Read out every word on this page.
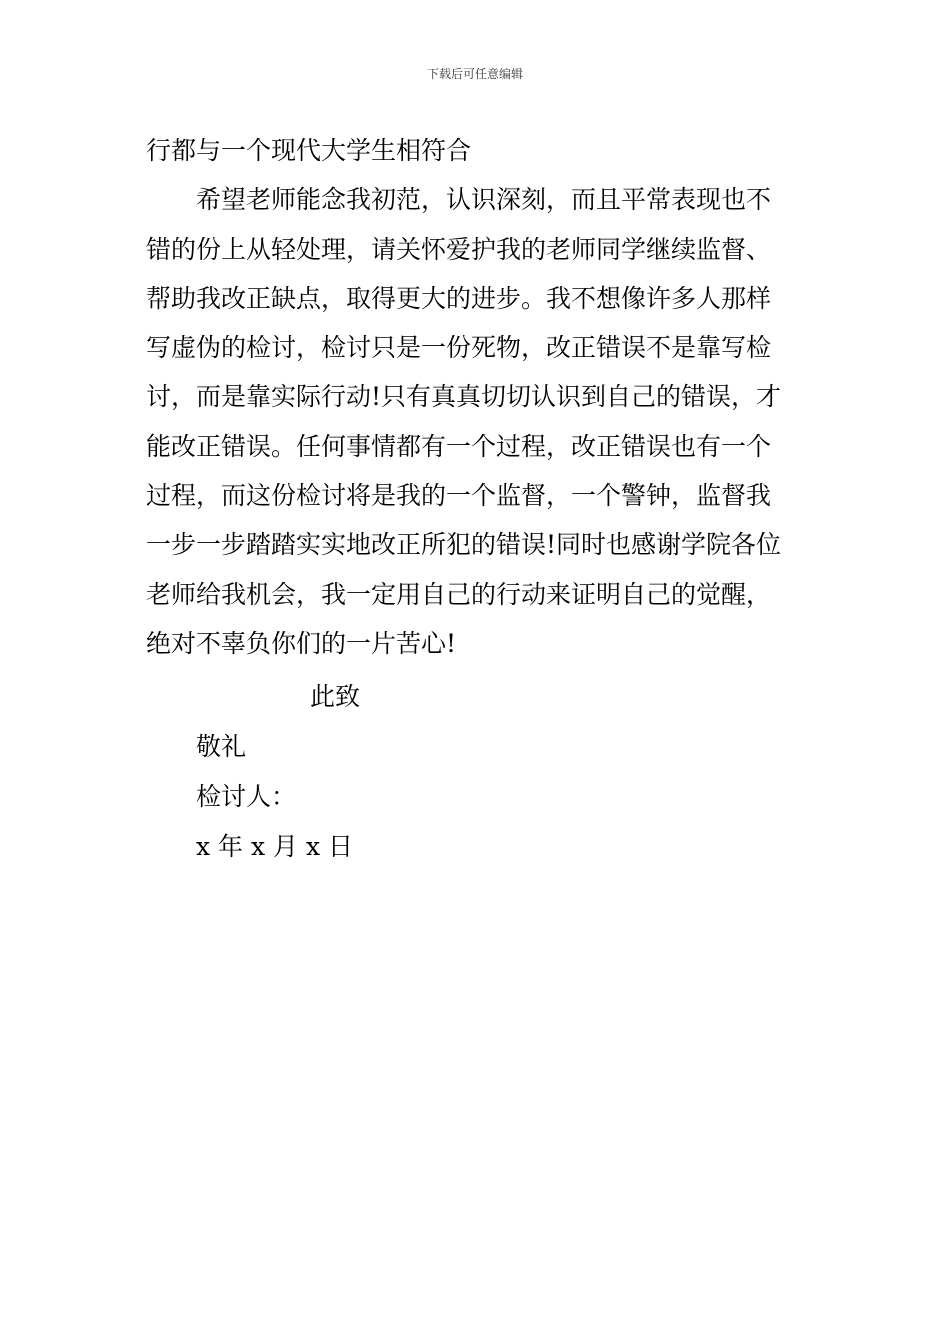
下载后可任意编辑
行都与一个现代大学生相符合
　　希望老师能念我初范，认识深刻，而且平常表现也不
错的份上从轻处理，请关怀爱护我的老师同学继续监督、
帮助我改正缺点，取得更大的进步。我不想像许多人那样
写虚伪的检讨，检讨只是一份死物，改正错误不是靠写检
讨，而是靠实际行动!只有真真切切认识到自己的错误，才
能改正错误。任何事情都有一个过程，改正错误也有一个
过程，而这份检讨将是我的一个监督，一个警钟，监督我
一步一步踏踏实实地改正所犯的错误!同时也感谢学院各位
老师给我机会，我一定用自己的行动来证明自己的觉醒，
绝对不辜负你们的一片苦心!
此致
敬礼
检讨人：
x 年 x 月 x 日
